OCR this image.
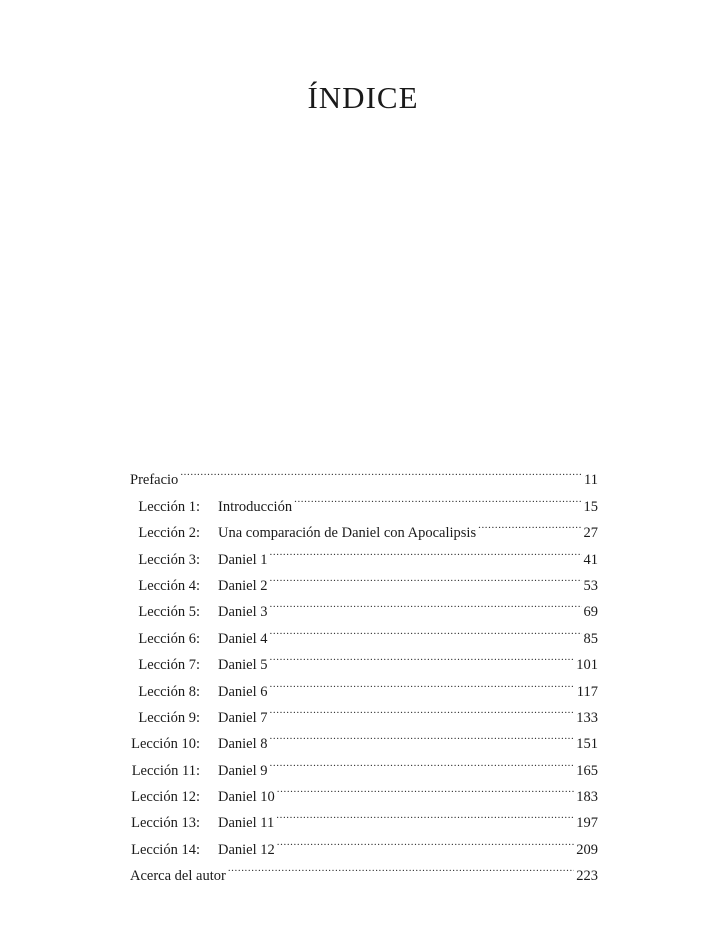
ÍNDICE
Prefacio .....	11
Lección 1: Introducción .....	15
Lección 2: Una comparación de Daniel con Apocalipsis .....	27
Lección 3: Daniel 1 .....	41
Lección 4: Daniel 2 .....	53
Lección 5: Daniel 3 .....	69
Lección 6: Daniel 4 .....	85
Lección 7: Daniel 5 .....	101
Lección 8: Daniel 6 .....	117
Lección 9: Daniel 7 .....	133
Lección 10: Daniel 8 .....	151
Lección 11: Daniel 9 .....	165
Lección 12: Daniel 10 .....	183
Lección 13: Daniel 11 .....	197
Lección 14: Daniel 12 .....	209
Acerca del autor .....	223
